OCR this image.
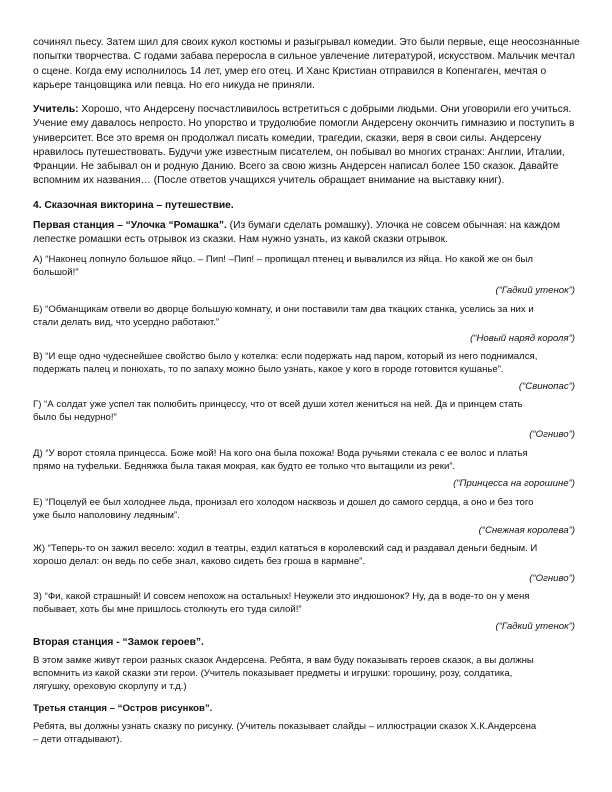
сочинял пьесу. Затем шил для своих кукол костюмы и разыгрывал комедии. Это были первые, еще неосознанные
попытки творчества. С годами забава переросла в сильное увлечение литературой, искусством. Мальчик мечтал
о сцене. Когда ему исполнилось 14 лет, умер его отец. И Ханс Кристиан отправился в Копенгаген, мечтая о
карьере танцовщика или певца. Но его никуда не приняли.

Учитель: Хорошо, что Андерсену посчастливилось встретиться с добрыми людьми. Они уговорили его учиться.
Учение ему давалось непросто. Но упорство и трудолюбие помогли Андерсену окончить гимназию и поступить в
университет. Все это время он продолжал писать комедии, трагедии, сказки, веря в свои силы. Андерсену
нравилось путешествовать. Будучи уже известным писателем, он побывал во многих странах: Англии, Италии,
Франции. Не забывал он и родную Данию. Всего за свою жизнь Андерсен написал более 150 сказок. Давайте
вспомним их названия… (После ответов учащихся учитель обращает внимание на выставку книг).

4. Сказочная викторина – путешествие.

Первая станция – “Улочка “Ромашка”. (Из бумаги сделать ромашку). Улочка не совсем обычная: на каждом
лепестке ромашки есть отрывок из сказки. Нам нужно узнать, из какой сказки отрывок.

А) “Наконец лопнуло большое яйцо. – Пип! –Пип! – пропищал птенец и вывалился из яйца. Но какой же он был
большой!”

(“Гадкий утенок”)

Б) “Обманщикам отвели во дворце большую комнату, и они поставили там два ткацких станка, уселись за них и
стали делать вид, что усердно работают.”

(“Новый наряд короля”)

В) “И еще одно чудеснейшее свойство было у котелка: если подержать над паром, который из него поднимался,
подержать палец и понюхать, то по запаху можно было узнать, какое у кого в городе готовится кушанье”.

(“Свинопас”)

Г) “А солдат уже успел так полюбить принцессу, что от всей души хотел жениться на ней. Да и принцем стать
было бы недурно!”

(“Огниво”)

Д) “У ворот стояла принцесса. Боже мой! На кого она была похожа! Вода ручьями стекала с ее волос и платья
прямо на туфельки. Бедняжка была такая мокрая, как будто ее только что вытащили из реки”.

(“Принцесса на горошине”)

Е) “Поцелуй ее был холоднее льда, пронизал его холодом насквозь и дошел до самого сердца, а оно и без того
уже было наполовину ледяным”.

(“Снежная королева”)

Ж) “Теперь-то он зажил весело: ходил в театры, ездил кататься в королевский сад и раздавал деньги бедным. И
хорошо делал: он ведь по себе знал, каково сидеть без гроша в кармане”.

(“Огниво”)

З) “Фи, какой страшный! И совсем непохож на остальных! Неужели это индюшонок? Ну, да в воде-то он у меня
побывает, хоть бы мне пришлось столкнуть его туда силой!”

(“Гадкий утенок”)

Вторая станция - “Замок героев”.

В этом замке живут герои разных сказок Андерсена. Ребята, я вам буду показывать героев сказок, а вы должны
вспомнить из какой сказки эти герои. (Учитель показывает предметы и игрушки: горошину, розу, солдатика,
лягушку, ореховую скорлупу и т.д.)

Третья станция – “Остров рисунков”.

Ребята, вы должны узнать сказку по рисунку. (Учитель показывает слайды – иллюстрации сказок Х.К.Андерсена
– дети отгадывают).
